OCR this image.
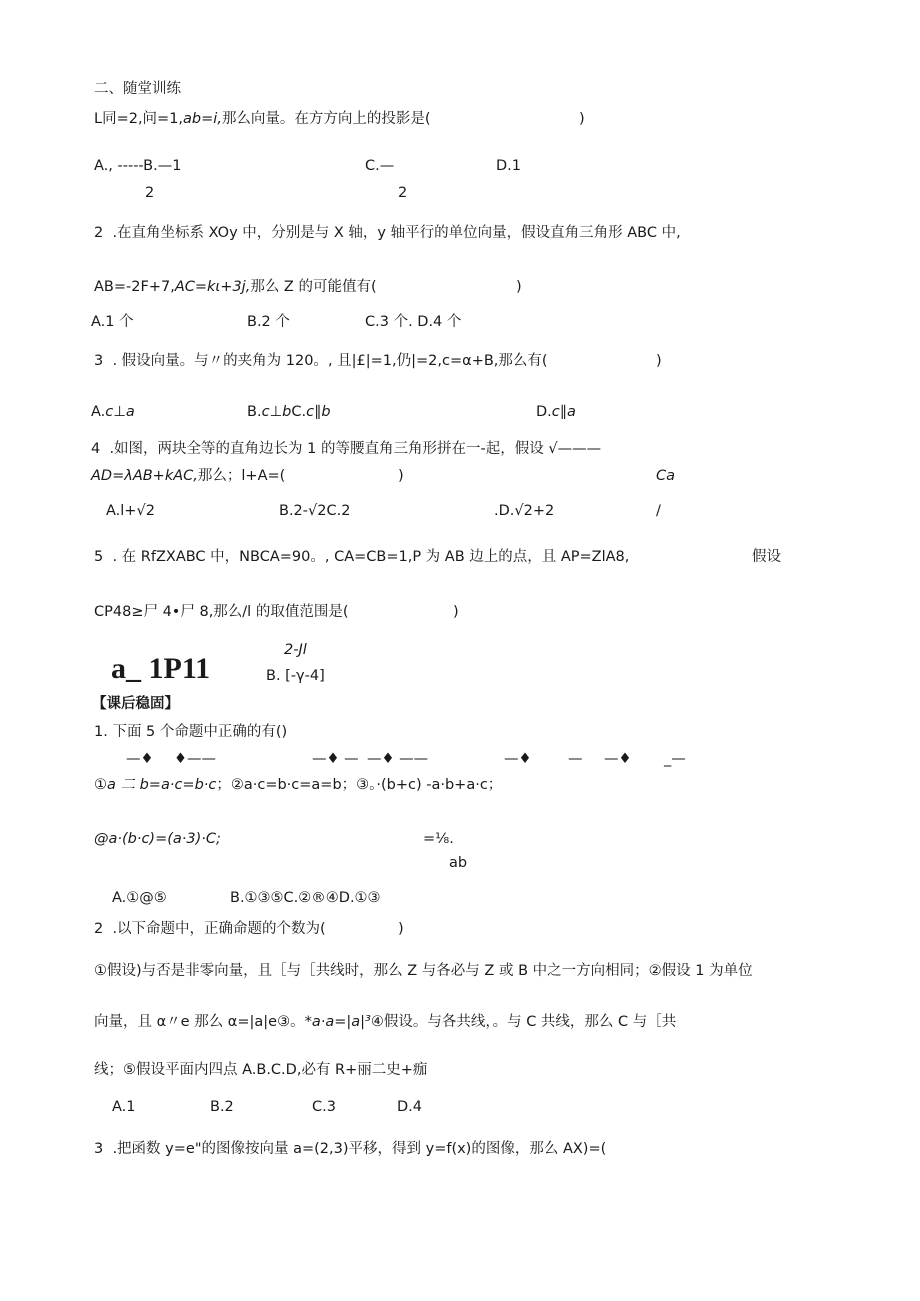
二、随堂训练
L同=2,问=1,ab=i,那么向量。在方方向上的投影是(	)
A., -----B.—1	C.—	D.1
2	2
2  .在直角坐标系 XOy 中，分别是与 X 轴，y 轴平行的单位向量，假设直角三角形 ABC 中,
AB=-2F+7,AC=kι+3j,那么 Z 的可能值有(	)
A.1 个	B.2 个	C.3 个. D.4 个
3  . 假设向量。与〃的夹角为 120。, 且|£|=1,仍|=2,c=α+B,那么有(	)
A.c⊥a	B.c⊥bC.c∥b	D.c∥a
4  .如图，两块全等的直角边长为 1 的等腰直角三角形拼在一-起，假设 √———
AD=λAB+kAC,那么；l+A=(	)	Ca
A.l+√2	B.2-√2C.2	.D.√2+2	/
5  . 在 RfZXABC 中，NBCA=90。, CA=CB=1,P 为 AB 边上的点，且 AP=ZlA8,	假设
CP48≥尸 4•尸 8,那么/l 的取值范围是(	)
2-Jl
a_ 1P11	B. [-γ-4]
【课后稳固】
1. 下面 5 个命题中正确的有()
—♦ ♦——	—♦ — —♦ ——	—♦	— —♦ _—
①a 二 b=a·c=b·c；②a·c=b·c=a=b；③。·(b+c) -a·b+a·c；
@a·(b·c)=(a·3)·C;	=⅛.
ab
A.①@⑤	B.①③⑤C.②®④D.①③
2  .以下命题中，正确命题的个数为(	)
①假设)与否是非零向量，且［与［共线时，那么 Z 与各必与 Z 或 B 中之一方向相同；②假设 1 为单位
向量，且 α〃e 那么 α=|a|e③。*a·a=|a|³④假设。与各共线，。与 C 共线，那么 C 与［共
线；⑤假设平面内四点 A.B.C.D,必有 R+丽二史+痂
A.1	B.2	C.3	D.4
3  .把函数 y=e"的图像按向量 a=(2,3)平移，得到 y=f(x)的图像，那么 AX)=(
